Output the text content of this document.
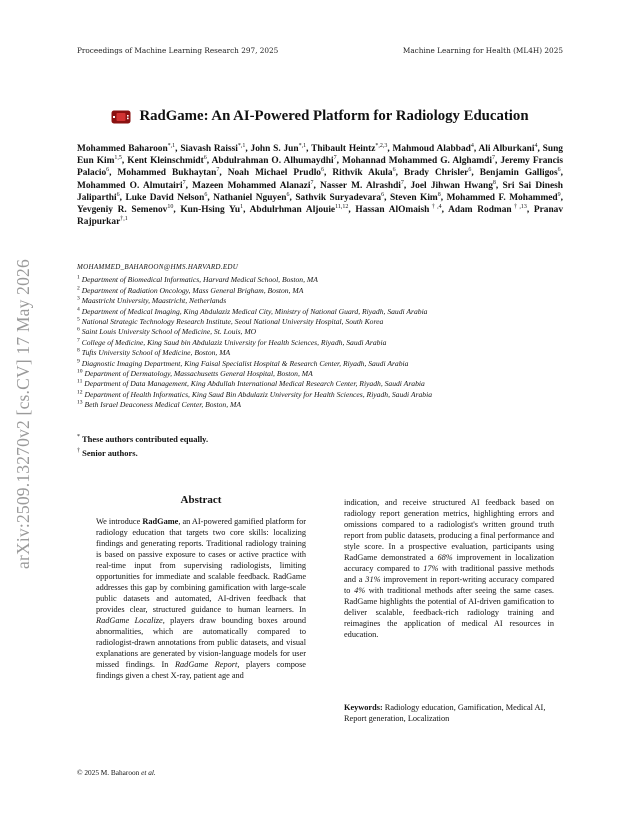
Proceedings of Machine Learning Research 297, 2025	Machine Learning for Health (ML4H) 2025
arXiv:2509.13270v2 [cs.CV] 17 May 2026
RadGame: An AI-Powered Platform for Radiology Education
Mohammed Baharoon$^{*,1}$, Siavash Raissi$^{*,1}$, John S. Jun$^{*,1}$, Thibault Heintz$^{*,2,3}$, Mahmoud Alabbad$^4$, Ali Alburkani$^4$, Sung Eun Kim$^{1,5}$, Kent Kleinschmidt$^6$, Abdulrahman O. Alhumaydhi$^7$, Mohannad Mohammed G. Alghamdi$^7$, Jeremy Francis Palacio$^6$, Mohammed Bukhaytan$^7$, Noah Michael Prudlo$^6$, Rithvik Akula$^6$, Brady Chrisler$^6$, Benjamin Galligos$^6$, Mohammed O. Almutairi$^7$, Mazeen Mohammed Alanazi$^7$, Nasser M. Alrashdi$^7$, Joel Jihwan Hwang$^8$, Sri Sai Dinesh Jaliparthi$^6$, Luke David Nelson$^6$, Nathaniel Nguyen$^6$, Sathvik Suryadevara$^6$, Steven Kim$^8$, Mohammed F. Mohammed$^9$, Yevgeniy R. Semenov$^{10}$, Kun-Hsing Yu$^1$, Abdulrhman Aljouie$^{11,12}$, Hassan AlOmaish$^{\dagger,4}$, Adam Rodman$^{\dagger,13}$, Pranav Rajpurkar$^{\dagger,1}$
MOHAMMED_BAHAROON@HMS.HARVARD.EDU
$^1$ Department of Biomedical Informatics, Harvard Medical School, Boston, MA
$^2$ Department of Radiation Oncology, Mass General Brigham, Boston, MA
$^3$ Maastricht University, Maastricht, Netherlands
$^4$ Department of Medical Imaging, King Abdulaziz Medical City, Ministry of National Guard, Riyadh, Saudi Arabia
$^5$ National Strategic Technology Research Institute, Seoul National University Hospital, South Korea
$^6$ Saint Louis University School of Medicine, St. Louis, MO
$^7$ College of Medicine, King Saud bin Abdulaziz University for Health Sciences, Riyadh, Saudi Arabia
$^8$ Tufts University School of Medicine, Boston, MA
$^9$ Diagnostic Imaging Department, King Faisal Specialist Hospital & Research Center, Riyadh, Saudi Arabia
$^{10}$ Department of Dermatology, Massachusetts General Hospital, Boston, MA
$^{11}$ Department of Data Management, King Abdullah International Medical Research Center, Riyadh, Saudi Arabia
$^{12}$ Department of Health Informatics, King Saud Bin Abdulaziz University for Health Sciences, Riyadh, Saudi Arabia
$^{13}$ Beth Israel Deaconess Medical Center, Boston, MA
* These authors contributed equally.
† Senior authors.
Abstract
We introduce RadGame, an AI-powered gamified platform for radiology education that targets two core skills: localizing findings and generating reports. Traditional radiology training is based on passive exposure to cases or active practice with real-time input from supervising radiologists, limiting opportunities for immediate and scalable feedback. RadGame addresses this gap by combining gamification with large-scale public datasets and automated, AI-driven feedback that provides clear, structured guidance to human learners. In RadGame Localize, players draw bounding boxes around abnormalities, which are automatically compared to radiologist-drawn annotations from public datasets, and visual explanations are generated by vision-language models for user missed findings. In RadGame Report, players compose findings given a chest X-ray, patient age and
indication, and receive structured AI feedback based on radiology report generation metrics, highlighting errors and omissions compared to a radiologist's written ground truth report from public datasets, producing a final performance and style score. In a prospective evaluation, participants using RadGame demonstrated a 68% improvement in localization accuracy compared to 17% with traditional passive methods and a 31% improvement in report-writing accuracy compared to 4% with traditional methods after seeing the same cases. RadGame highlights the potential of AI-driven gamification to deliver scalable, feedback-rich radiology training and reimagines the application of medical AI resources in education.
Keywords: Radiology education, Gamification, Medical AI, Report generation, Localization
© 2025 M. Baharoon et al.
